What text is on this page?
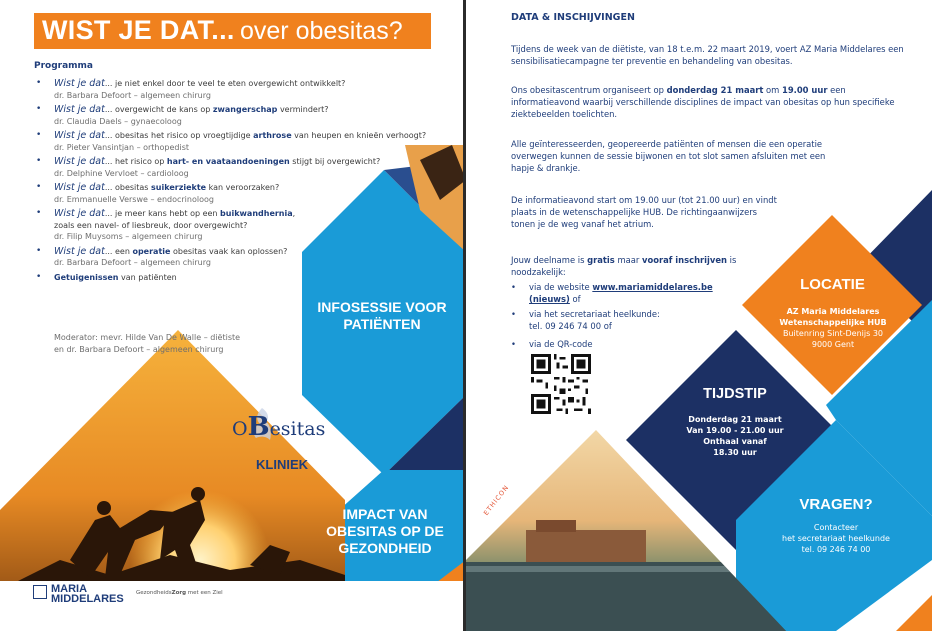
WIST JE DAT... over obesitas?
Programma
• Wist je dat... je niet enkel door te veel te eten overgewicht ontwikkelt?
dr. Barbara Defoort – algemeen chirurg
• Wist je dat... overgewicht de kans op zwangerschap vermindert?
dr. Claudia Daels – gynaecoloog
• Wist je dat... obesitas het risico op vroegtijdige arthrose van heupen en knieën verhoogt?
dr. Pieter Vansintjan – orthopedist
• Wist je dat... het risico op hart- en vaataandoeningen stijgt bij overgewicht?
dr. Delphine Vervloet – cardioloog
• Wist je dat... obesitas suikerziekte kan veroorzaken?
dr. Emmanuelle Verswe – endocrinoloog
• Wist je dat... je meer kans hebt op een buikwandhernia,
zoals een navel- of liesbreuk, door overgewicht?
dr. Filip Muysoms – algemeen chirurg
• Wist je dat... een operatie obesitas vaak kan oplossen?
dr. Barbara Defoort – algemeen chirurg
• Getuigenissen van patiënten
Moderator: mevr. Hilde Van De Walle – diëtiste
en dr. Barbara Defoort – algemeen chirurg
INFOSESSIE VOOR
PATIËNTEN
IMPACT VAN
OBESITAS OP DE
GEZONDHEID
OBesitas
KLINIEK
MARIA
MIDDELARES GezondheidsZorg met een Ziel
DATA & INSCHIJVINGEN

Tijdens de week van de diëtiste, van 18 t.e.m. 22 maart 2019, voert AZ Maria Middelares een sensibilisatiecampagne ter preventie en behandeling van obesitas.

Ons obesitascentrum organiseert op donderdag 21 maart om 19.00 uur een informatieavond waarbij verschillende disciplines de impact van obesitas op hun specifieke ziektebeelden toelichten.

Alle geïnteresseerden, geopereerde patiënten of mensen die een operatie overwegen kunnen de sessie bijwonen en tot slot samen afsluiten met een hapje & drankje.

De informatieavond start om 19.00 uur (tot 21.00 uur) en vindt plaats in de wetenschappelijke HUB. De richtingaanwijzers tonen je de weg vanaf het atrium.

Jouw deelname is gratis maar vooraf inschrijven is noodzakelijk:

• via de website www.mariamiddelares.be
(nieuws) of
• via het secretariaat heelkunde:
tel. 09 246 74 00 of
• via de QR-code
LOCATIE
AZ Maria Middelares
Wetenschappelijke HUB
Buitenring Sint-Denijs 30
9000 Gent
TIJDSTIP
Donderdag 21 maart
Van 19.00 - 21.00 uur
Onthaal vanaf
18.30 uur
VRAGEN?
Contacteer
het secretariaat heelkunde
tel. 09 246 74 00
ETHICON
